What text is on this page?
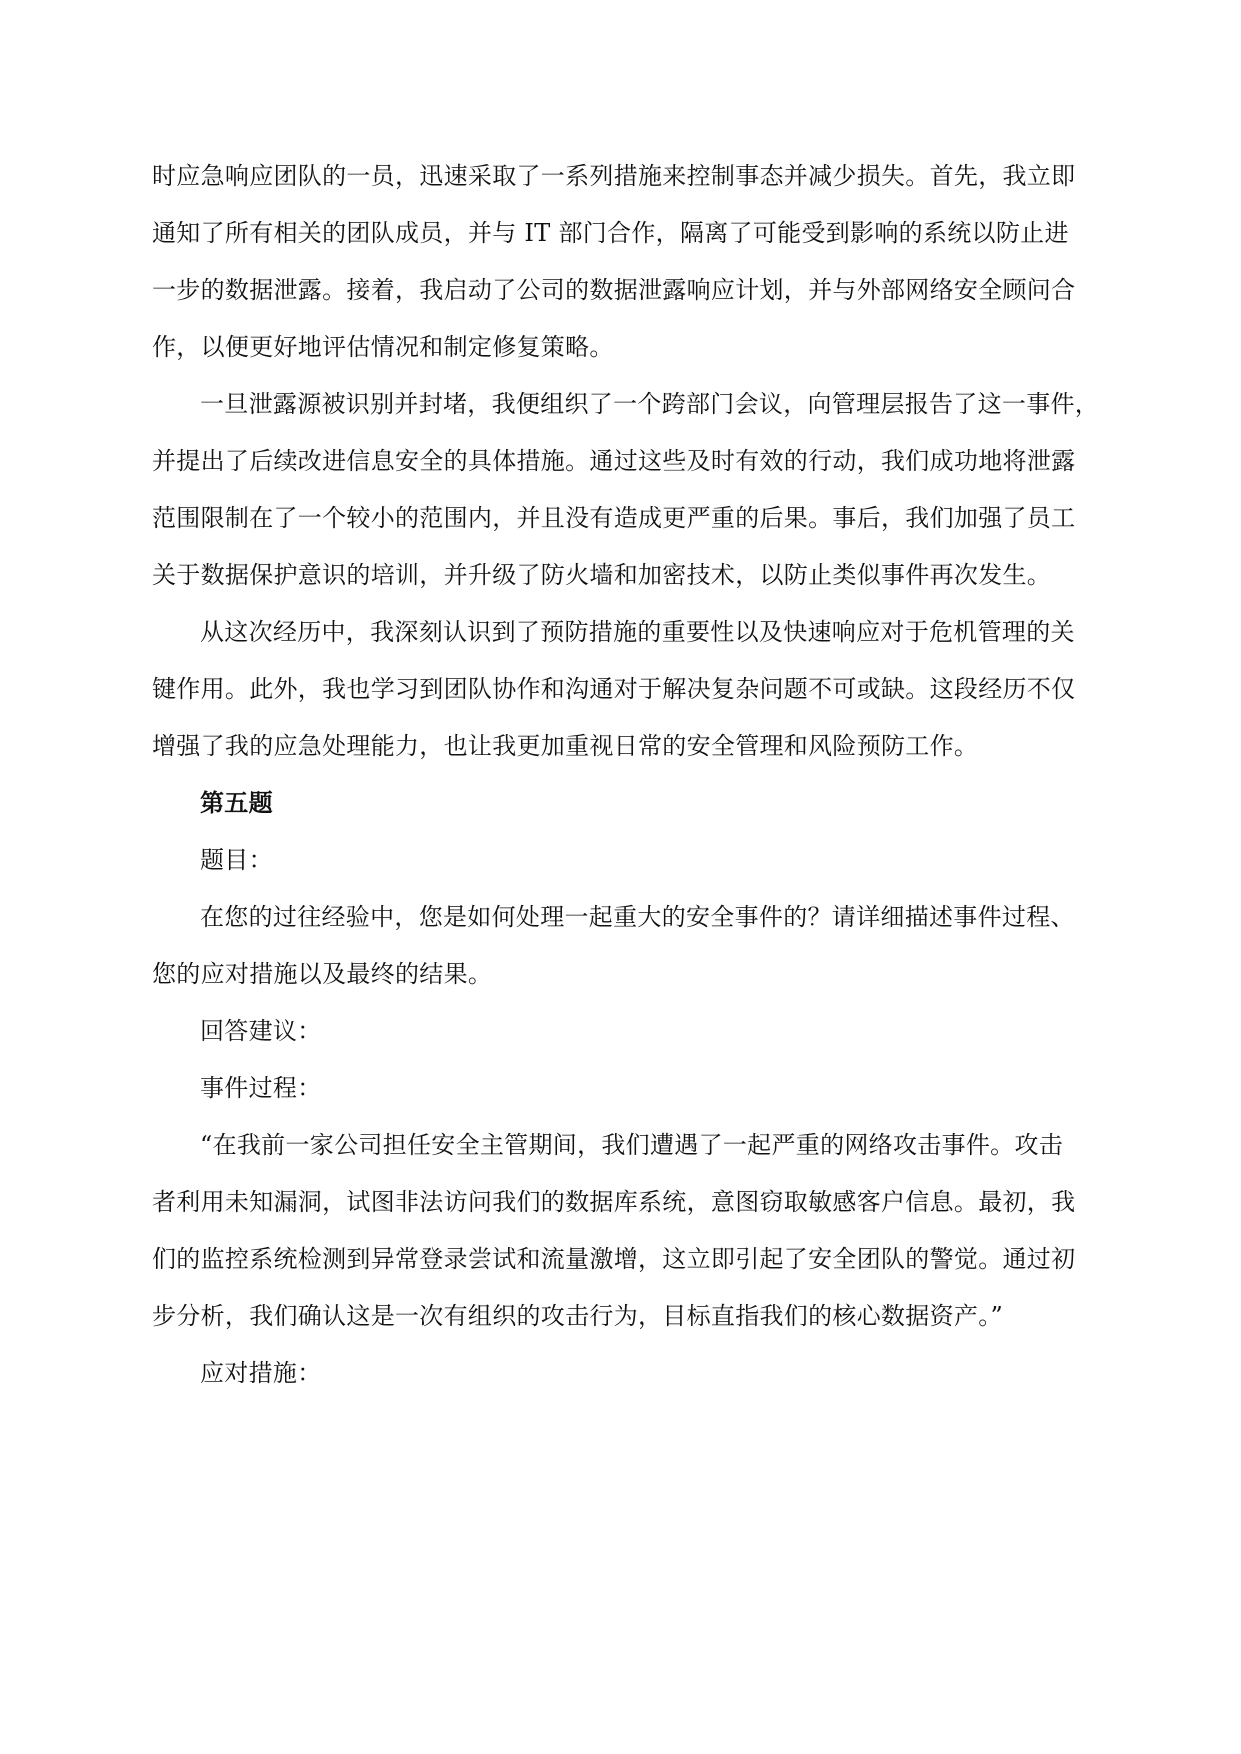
时应急响应团队的一员，迅速采取了一系列措施来控制事态并减少损失。首先，我立即
通知了所有相关的团队成员，并与 IT 部门合作，隔离了可能受到影响的系统以防止进
一步的数据泄露。接着，我启动了公司的数据泄露响应计划，并与外部网络安全顾问合
作，以便更好地评估情况和制定修复策略。

一旦泄露源被识别并封堵，我便组织了一个跨部门会议，向管理层报告了这一事件，
并提出了后续改进信息安全的具体措施。通过这些及时有效的行动，我们成功地将泄露
范围限制在了一个较小的范围内，并且没有造成更严重的后果。事后，我们加强了员工
关于数据保护意识的培训，并升级了防火墙和加密技术，以防止类似事件再次发生。

从这次经历中，我深刻认识到了预防措施的重要性以及快速响应对于危机管理的关
键作用。此外，我也学习到团队协作和沟通对于解决复杂问题不可或缺。这段经历不仅
增强了我的应急处理能力，也让我更加重视日常的安全管理和风险预防工作。

第五题

题目：

在您的过往经验中，您是如何处理一起重大的安全事件的？请详细描述事件过程、
您的应对措施以及最终的结果。

回答建议：

事件过程：

“在我前一家公司担任安全主管期间，我们遭遇了一起严重的网络攻击事件。攻击
者利用未知漏洞，试图非法访问我们的数据库系统，意图窃取敏感客户信息。最初，我
们的监控系统检测到异常登录尝试和流量激增，这立即引起了安全团队的警觉。通过初
步分析，我们确认这是一次有组织的攻击行为，目标直指我们的核心数据资产。”

应对措施：
